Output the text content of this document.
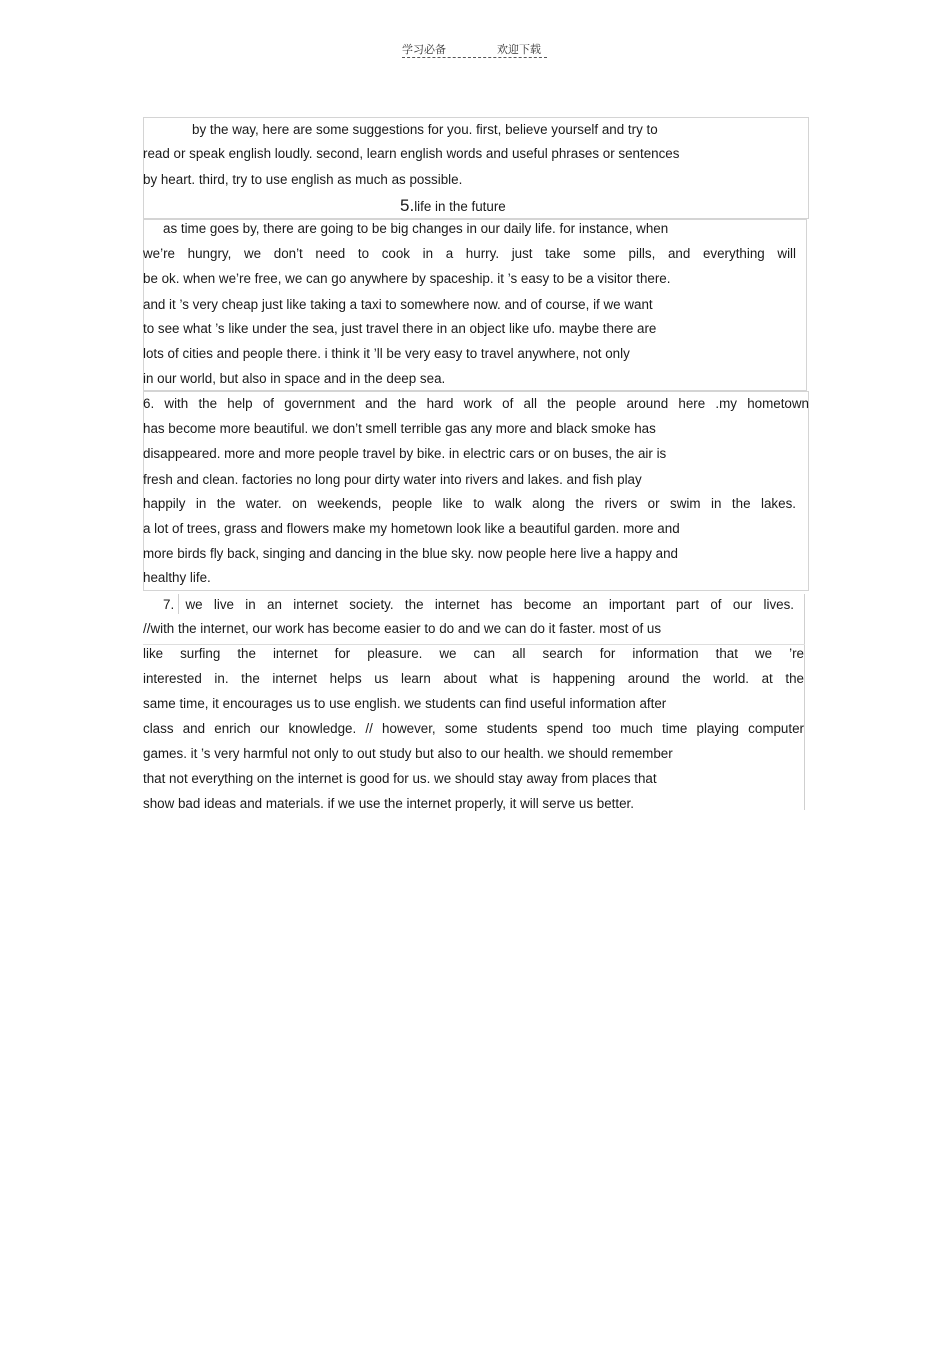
学习必备	欢迎下载
by the way, here are some suggestions for you. first, believe yourself and try to
read or speak english loudly. second, learn english words and useful phrases or sentences
by heart. third, try to use english as much as possible.
5.life in the future
as time goes by, there are going to be big changes in our daily life. for instance, when
we’re hungry, we don’t need to cook in a hurry. just take some pills, and everything will
be ok. when we’re free, we can go anywhere by spaceship. it ’s easy to be a visitor there.
and it ’s very cheap just like taking a taxi to somewhere now. and of course, if we want
to see what ’s like under the sea, just travel there in an object like ufo. maybe there are
lots of cities and people there. i think it ’ll be very easy to travel anywhere, not only
in our world, but also in space and in the deep sea.
6. with the help of government and the hard work of all the people around here .my hometown
has become more beautiful. we don’t smell terrible gas any more and black smoke has
disappeared. more and more people travel by bike. in electric cars or on buses, the air is
fresh and clean. factories no long pour dirty water into rivers and lakes. and fish play
happily in the water. on weekends, people like to walk along the rivers or swim in the lakes.
a lot of trees, grass and flowers make my hometown look like a beautiful garden. more and
more birds fly back, singing and dancing in the blue sky. now people here live a happy and
healthy life.
7. we live in an internet society. the internet has become an important part of our lives.
//with the internet, our work has become easier to do and we can do it faster. most of us
like surfing the internet for pleasure. we can all search for information that we ’re
interested in. the internet helps us learn about what is happening around the world. at the
same time, it encourages us to use english. we students can find useful information after
class and enrich our knowledge. // however, some students spend too much time playing computer
games. it ’s very harmful not only to out study but also to our health. we should remember
that not everything on the internet is good for us. we should stay away from places that
show bad ideas and materials. if we use the internet properly, it will serve us better.
